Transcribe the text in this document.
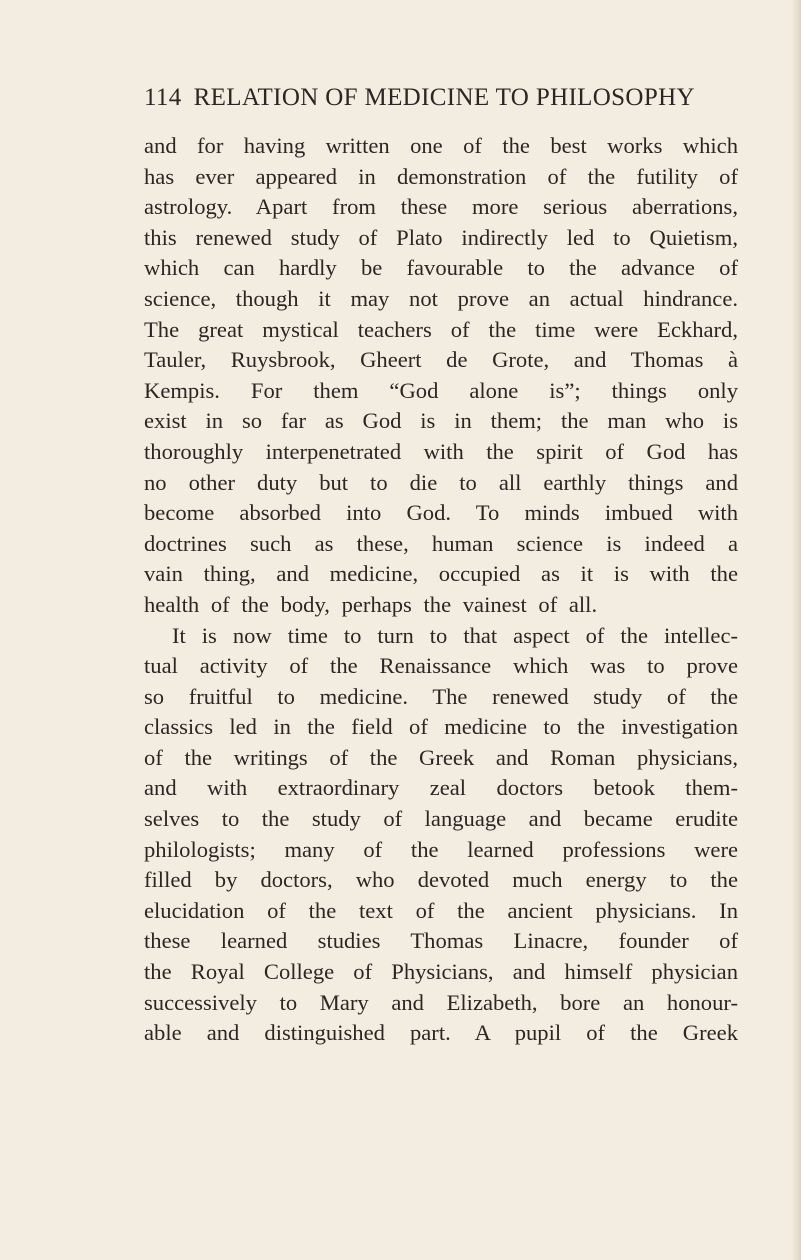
114 RELATION OF MEDICINE TO PHILOSOPHY
and for having written one of the best works which
has ever appeared in demonstration of the futility of
astrology. Apart from these more serious aberrations,
this renewed study of Plato indirectly led to Quietism,
which can hardly be favourable to the advance of
science, though it may not prove an actual hindrance.
The great mystical teachers of the time were Eckhard,
Tauler, Ruysbrook, Gheert de Grote, and Thomas à
Kempis. For them “God alone is”; things only
exist in so far as God is in them; the man who is
thoroughly interpenetrated with the spirit of God has
no other duty but to die to all earthly things and
become absorbed into God. To minds imbued with
doctrines such as these, human science is indeed a
vain thing, and medicine, occupied as it is with the
health of the body, perhaps the vainest of all.
It is now time to turn to that aspect of the intellec-
tual activity of the Renaissance which was to prove
so fruitful to medicine. The renewed study of the
classics led in the field of medicine to the investigation
of the writings of the Greek and Roman physicians,
and with extraordinary zeal doctors betook them-
selves to the study of language and became erudite
philologists; many of the learned professions were
filled by doctors, who devoted much energy to the
elucidation of the text of the ancient physicians. In
these learned studies Thomas Linacre, founder of
the Royal College of Physicians, and himself physician
successively to Mary and Elizabeth, bore an honour-
able and distinguished part. A pupil of the Greek
